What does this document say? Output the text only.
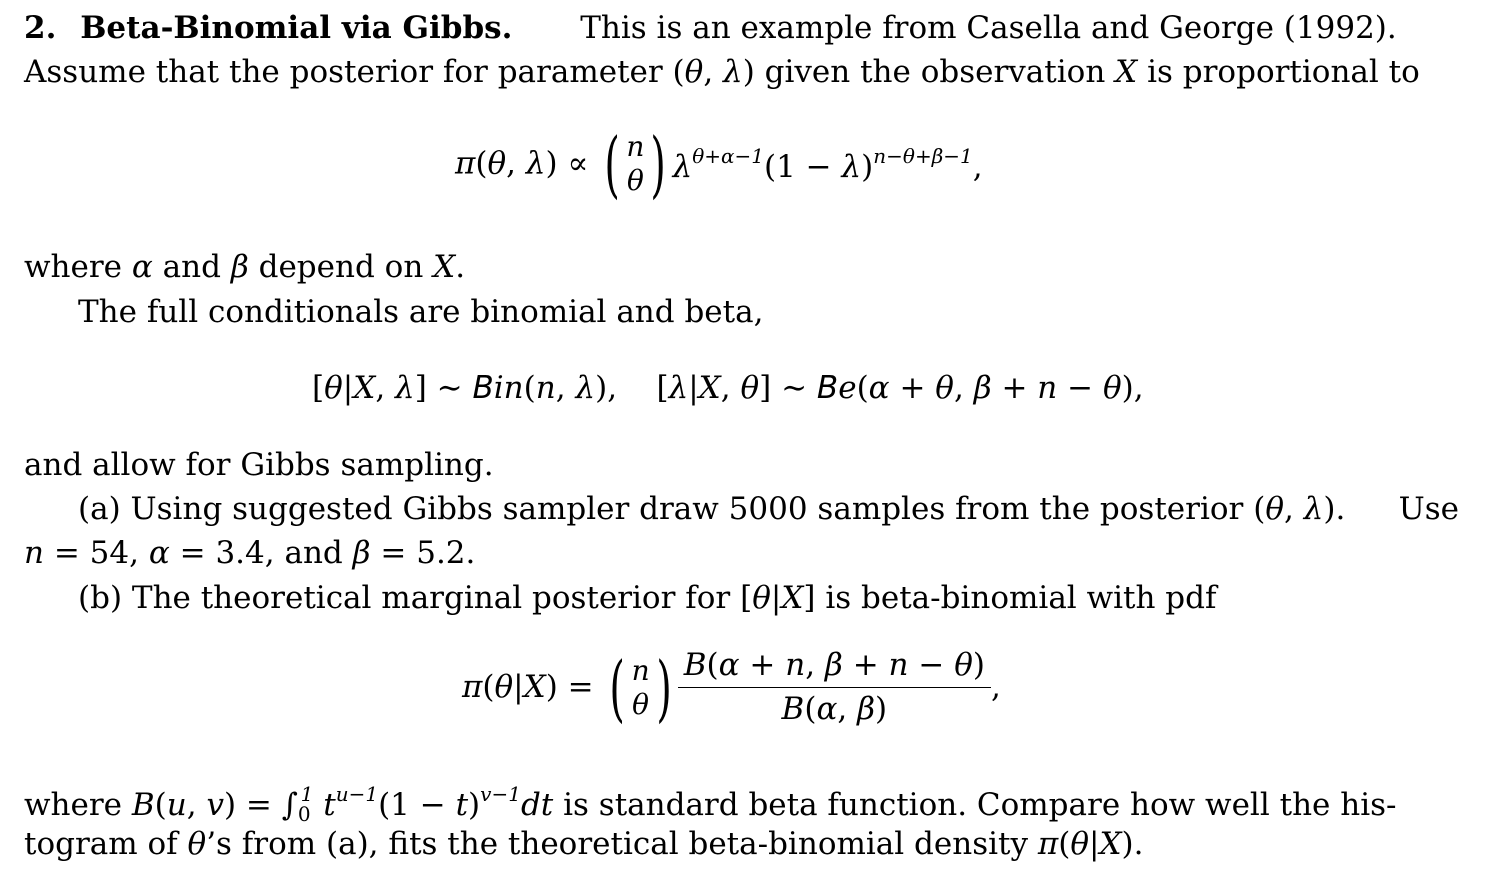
2. Beta-Binomial via Gibbs. This is an example from Casella and George (1992).
Assume that the posterior for parameter (θ, λ) given the observation X is proportional to
π(θ, λ) ∝ ( n
θ ) $\lambda^{\theta+\alpha-1}(1 - \lambda)^{n-\theta+\beta-1}$,
where α and β depend on X.
The full conditionals are binomial and beta,
[θ|X, λ] ∼ Bin(n, λ),    [λ|X, θ] ∼ Be(α + θ, β + n − θ),
and allow for Gibbs sampling.
(a) Using suggested Gibbs sampler draw 5000 samples from the posterior (θ, λ). Use
n = 54, α = 3.4, and β = 5.2.
(b) The theoretical marginal posterior for [θ|X] is beta-binomial with pdf
π(θ|X) = ( n
θ ) $\frac{B(\alpha + n, \beta + n - \theta)}{B(\alpha, \beta)}$ ,
where B(u, $v) = \int_0^1$ $t^{u-1}(1 - t)^{v-1}dt$ is standard beta function. Compare how well the his-
togram of θ’s from (a), fits the theoretical beta-binomial density π(θ|X).
